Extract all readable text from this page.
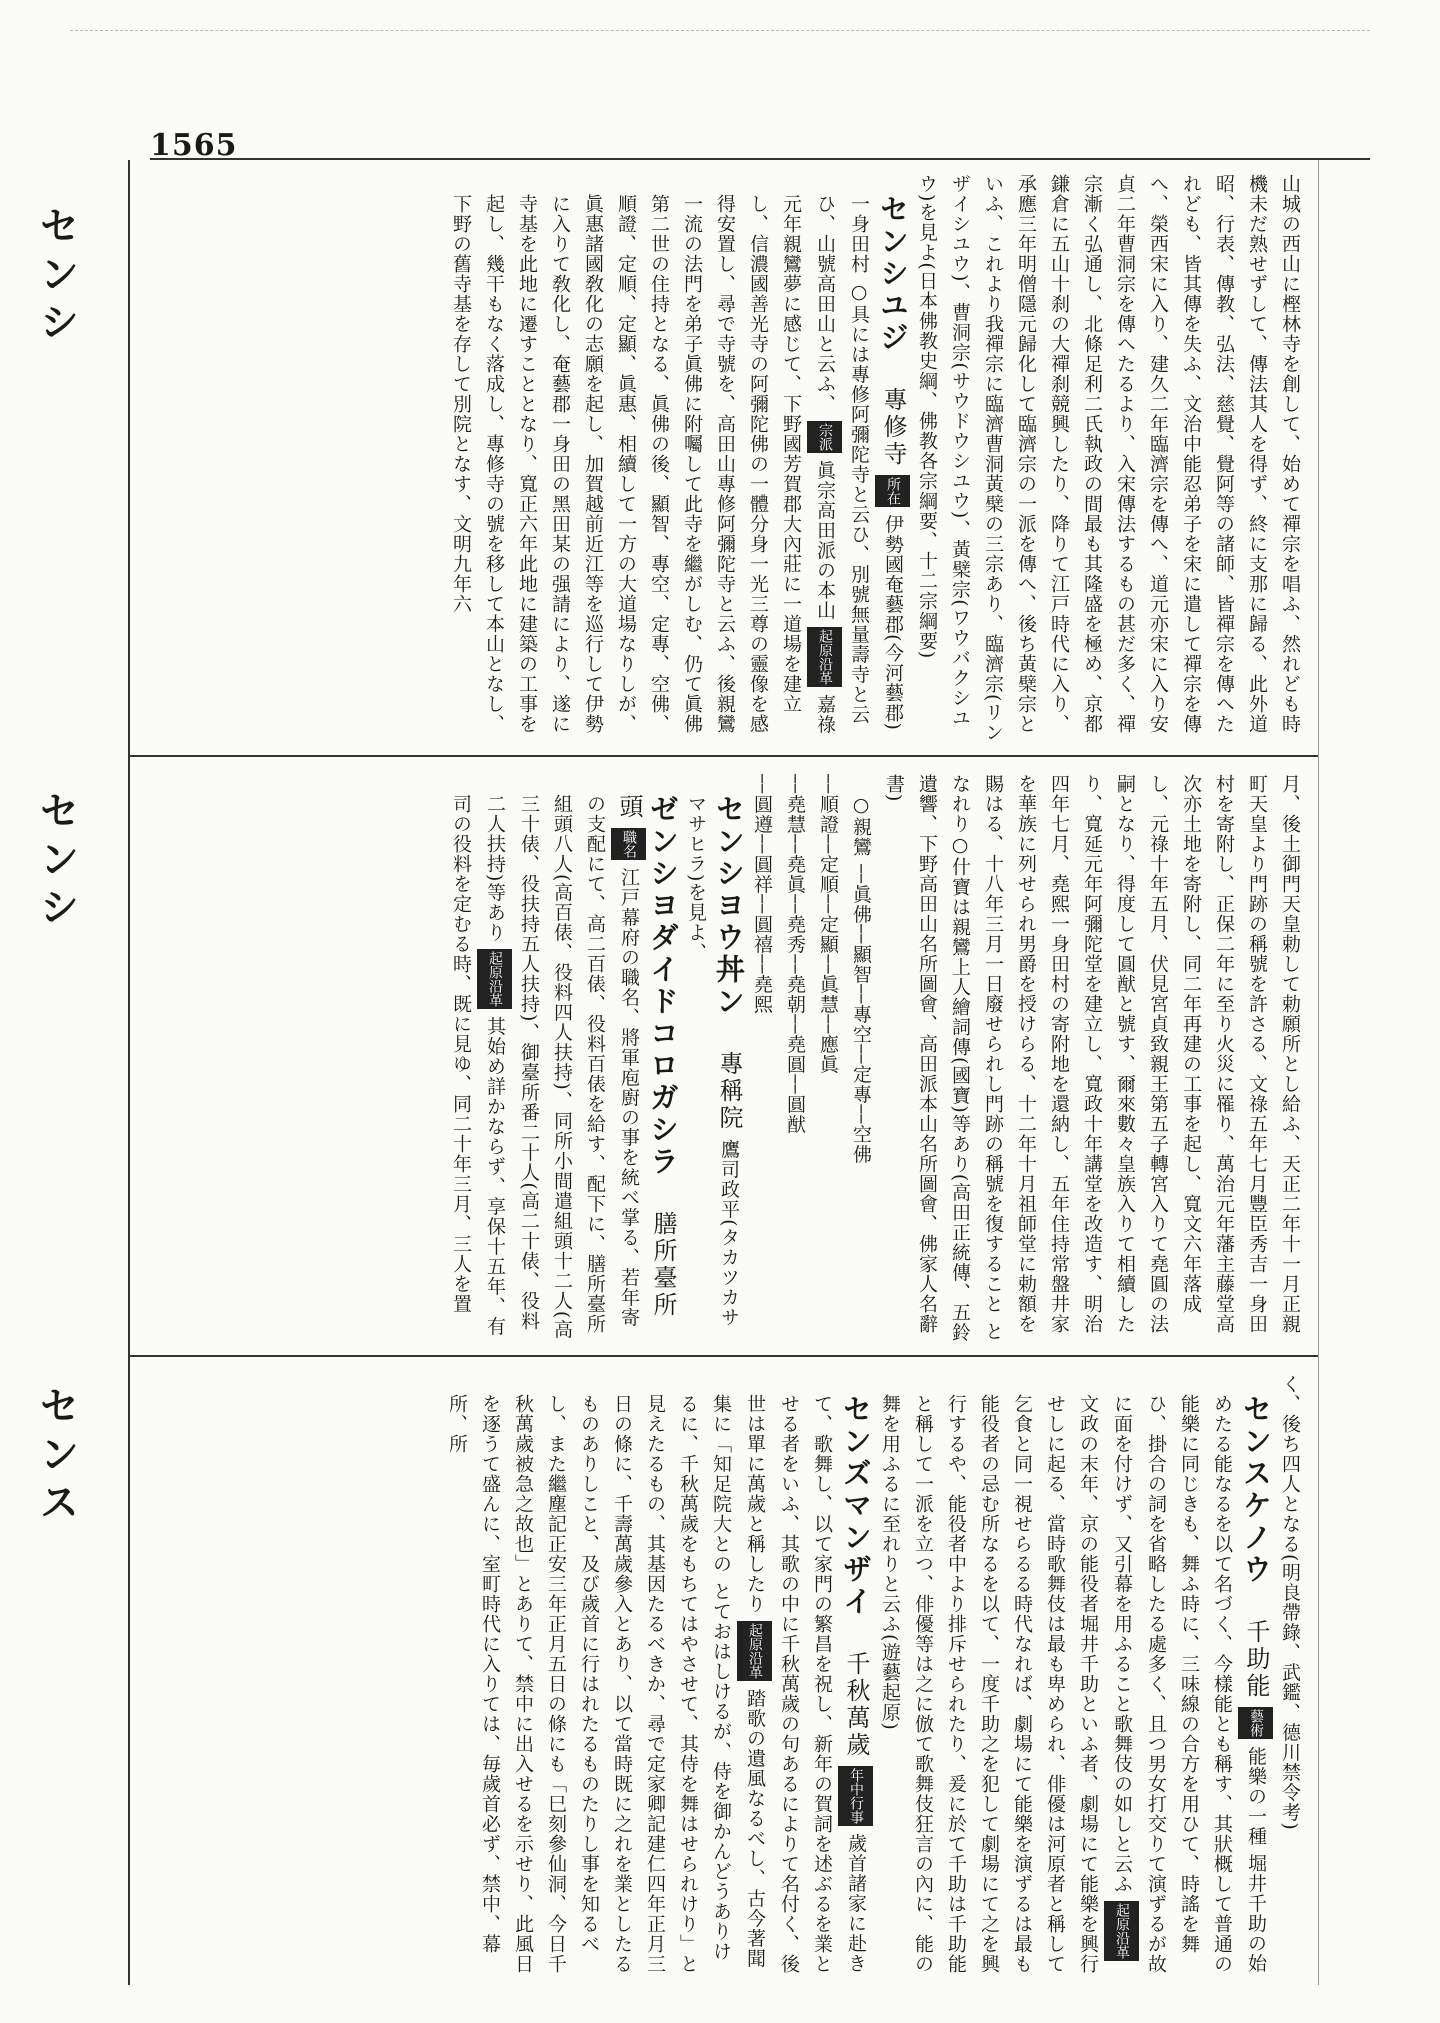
1565
センシ
センシ
センス

山城の西山に樫林寺を創して、始めて禪宗を唱ふ、然れども時機未だ熟せずして、傳法其人を得ず、終に支那に歸る、此外道昭、行表、傳教、弘法、慈覺、覺阿等の諸師、皆禪宗を傳へたれども、皆其傳を失ふ、文治中能忍弟子を宋に遣して禪宗を傳へ、榮西宋に入り、建久二年臨濟宗を傳へ、道元亦宋に入り安貞二年曹洞宗を傳へたるより、入宋傳法するもの甚だ多く、禪宗漸く弘通し、北條足利二氏執政の間最も其隆盛を極め、京都鎌倉に五山十刹の大禪刹競興したり、降りて江戸時代に入り、承應三年明僧隱元歸化して臨濟宗の一派を傳へ、後ち黃檗宗といふ、これより我禪宗に臨濟曹洞黃檗の三宗あり、臨濟宗(リンザイシユウ)、曹洞宗(サウドウシユウ)、黃檗宗(ワウバクシユウ)を見よ(日本佛教史綱、佛教各宗綱要、十二宗綱要)

センシユジ 專修寺 所在 伊勢國奄藝郡(今河藝郡)一身田村 ○具には專修阿彌陀寺と云ひ、別號無量壽寺と云ひ、山號高田山と云ふ、 宗派 眞宗高田派の本山 起原沿革 嘉祿元年親鸞夢に感じて、下野國芳賀郡大內莊に一道場を建立し、信濃國善光寺の阿彌陀佛の一體分身一光三尊の靈像を感得安置し、尋で寺號を、高田山專修阿彌陀寺と云ふ、後親鸞一流の法門を弟子眞佛に附囑して此寺を繼がしむ、仍て眞佛第二世の住持となる、眞佛の後、顯智、專空、定專、空佛、順證、定順、定顯、眞惠、相續して一方の大道場なりしが、眞惠諸國敎化の志願を起し、加賀越前近江等を巡行して伊勢に入りて敎化し、奄藝郡一身田の黑田某の强請により、遂に寺基を此地に遷すこととなり、寬正六年此地に建築の工事を起し、幾干もなく落成し、專修寺の號を移して本山となし、下野の舊寺基を存して別院となす、文明九年六

月、後土御門天皇勅して勅願所とし給ふ、天正二年十一月正親町天皇より門跡の稱號を許さる、文祿五年七月豐臣秀吉一身田村を寄附し、正保二年に至り火災に罹り、萬治元年藩主藤堂高次亦土地を寄附し、同二年再建の工事を起し、寬文六年落成し、元祿十年五月、伏見宮貞致親王第五子轉宮入りて堯圓の法嗣となり、得度して圓猷と號す、爾來數々皇族入りて相續したり、寬延元年阿彌陀堂を建立し、寬政十年講堂を改造す、明治四年七月、堯熙一身田村の寄附地を還納し、五年住持常盤井家を華族に列せられ男爵を授けらる、十二年十月祖師堂に勅額を賜はる、十八年三月一日廢せられし門跡の稱號を復すること となれり○什寶は親鸞上人繪詞傳(國寶)等あり(高田正統傳、五鈴遺響、下野高田山名所圖會、高田派本山名所圖會、佛家人名辭書)

○親鸞 ──眞佛──顯智──專空──定專──空佛

──順證──定順──定顯──眞慧──應眞

──堯慧──堯眞──堯秀──堯朝──堯圓──圓猷

──圓遵──圓祥──圓禧──堯熙

センシヨウ丼ン 專稱院 鷹司政平(タカツカサマサヒラ)を見よ、

ゼンシヨダイドコロガシラ 膳所臺所頭 職名 江戸幕府の職名、將軍庖廚の事を統べ掌る、若年寄の支配にて、高二百俵、役料百俵を給す、配下に、膳所臺所組頭八人(高百俵、役料四人扶持)、同所小間遣組頭十二人(高三十俵、役扶持五人扶持)、御臺所番二十人(高二十俵、役料二人扶持)等あり 起原沿革 其始め詳かならず、享保十五年、有司の役料を定むる時、既に見ゆ、同二十年三月、三人を置

く、後ち四人となる(明良帶錄、武鑑、德川禁令考)

センスケノウ 千助能 藝術 能樂の一種 堀井千助の始めたる能なるを以て名づく、今樣能とも稱す、其狀概して普通の能樂に同じきも、舞ふ時に、三味線の合方を用ひて、時謠を舞ひ、掛合の詞を省略したる處多く、且つ男女打交りて演ずるが故に面を付けず、又引幕を用ふること歌舞伎の如しと云ふ 起原沿革 文政の末年、京の能役者堀井千助といふ者、劇場にて能樂を興行せしに起る、當時歌舞伎は最も卑められ、俳優は河原者と稱して乞食と同一視せらるる時代なれば、劇場にて能樂を演ずるは最も能役者の忌む所なるを以て、一度千助之を犯して劇場にて之を興行するや、能役者中より排斥せられたり、爰に於て千助は千助能と稱して一派を立つ、俳優等は之に倣て歌舞伎狂言の內に、能の舞を用ふるに至れりと云ふ(遊藝起原)

センズマンザイ 千秋萬歲 年中行事 歲首諸家に赴きて、歌舞し、以て家門の繁昌を祝し、新年の賀詞を述ぶるを業とせる者をいふ、其歌の中に千秋萬歲の句あるによりて名付く、後世は單に萬歲と稱したり 起原沿革 踏歌の遺風なるべし、古今著聞集に「知足院大との とておはしけるが、侍を御かんどうありけるに、千秋萬歲をもちてはやさせて、其侍を舞はせられけり」と見えたるもの、其基因たるべきか、尋で定家卿記建仁四年正月三日の條に、千壽萬歲參入とあり、以て當時既に之れを業としたるものありしこと、及び歲首に行はれたるものたりし事を知るべし、また繼塵記正安三年正月五日の條にも「巳刻參仙洞、今日千秋萬歲被急之故也」とありて、禁中に出入せるを示せり、此風日を逐うて盛んに、室町時代に入りては、毎歲首必ず、禁中、幕所、所
